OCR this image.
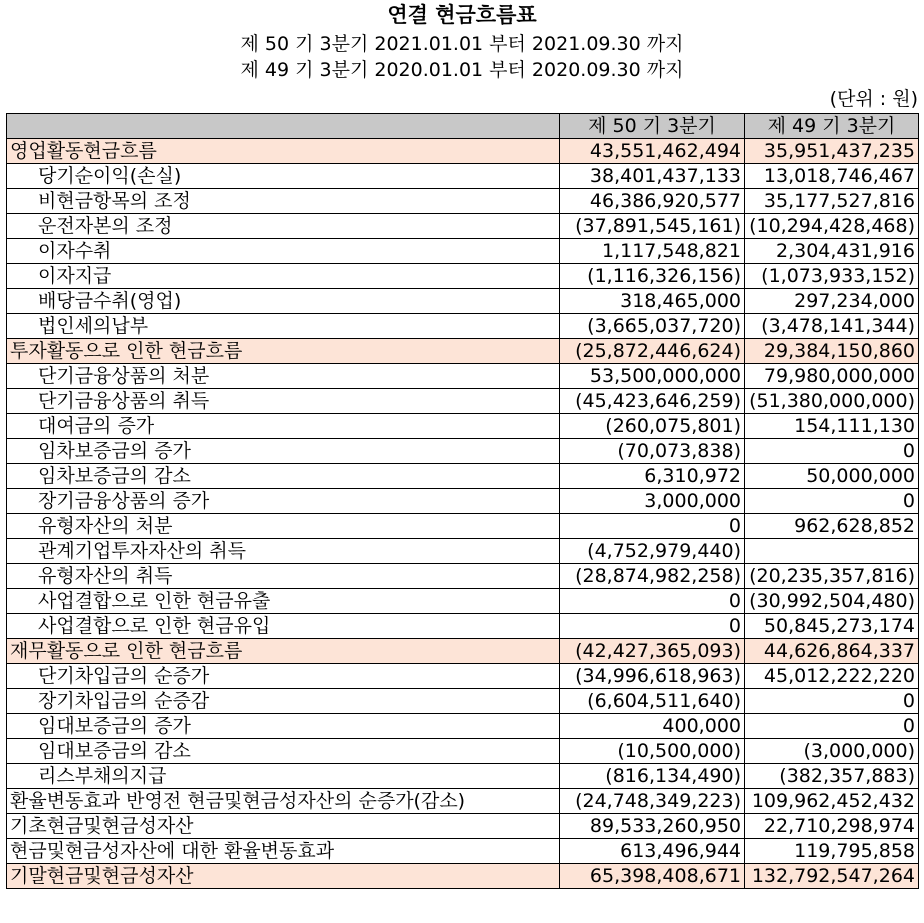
연결 현금흐름표
제 50 기 3분기 2021.01.01 부터 2021.09.30 까지
제 49 기 3분기 2020.01.01 부터 2020.09.30 까지
(단위 : 원)
	제 50 기 3분기	제 49 기 3분기
영업활동현금흐름	43,551,462,494	35,951,437,235
당기순이익(손실)	38,401,437,133	13,018,746,467
비현금항목의 조정	46,386,920,577	35,177,527,816
운전자본의 조정	(37,891,545,161)	(10,294,428,468)
이자수취	1,117,548,821	2,304,431,916
이자지급	(1,116,326,156)	(1,073,933,152)
배당금수취(영업)	318,465,000	297,234,000
법인세의납부	(3,665,037,720)	(3,478,141,344)
투자활동으로 인한 현금흐름	(25,872,446,624)	29,384,150,860
단기금융상품의 처분	53,500,000,000	79,980,000,000
단기금융상품의 취득	(45,423,646,259)	(51,380,000,000)
대여금의 증가	(260,075,801)	154,111,130
임차보증금의 증가	(70,073,838)	0
임차보증금의 감소	6,310,972	50,000,000
장기금융상품의 증가	3,000,000	0
유형자산의 처분	0	962,628,852
관계기업투자자산의 취득	(4,752,979,440)	
유형자산의 취득	(28,874,982,258)	(20,235,357,816)
사업결합으로 인한 현금유출	0	(30,992,504,480)
사업결합으로 인한 현금유입	0	50,845,273,174
재무활동으로 인한 현금흐름	(42,427,365,093)	44,626,864,337
단기차입금의 순증가	(34,996,618,963)	45,012,222,220
장기차입금의 순증감	(6,604,511,640)	0
임대보증금의 증가	400,000	0
임대보증금의 감소	(10,500,000)	(3,000,000)
리스부채의지급	(816,134,490)	(382,357,883)
환율변동효과 반영전 현금및현금성자산의 순증가(감소)	(24,748,349,223)	109,962,452,432
기초현금및현금성자산	89,533,260,950	22,710,298,974
현금및현금성자산에 대한 환율변동효과	613,496,944	119,795,858
기말현금및현금성자산	65,398,408,671	132,792,547,264
